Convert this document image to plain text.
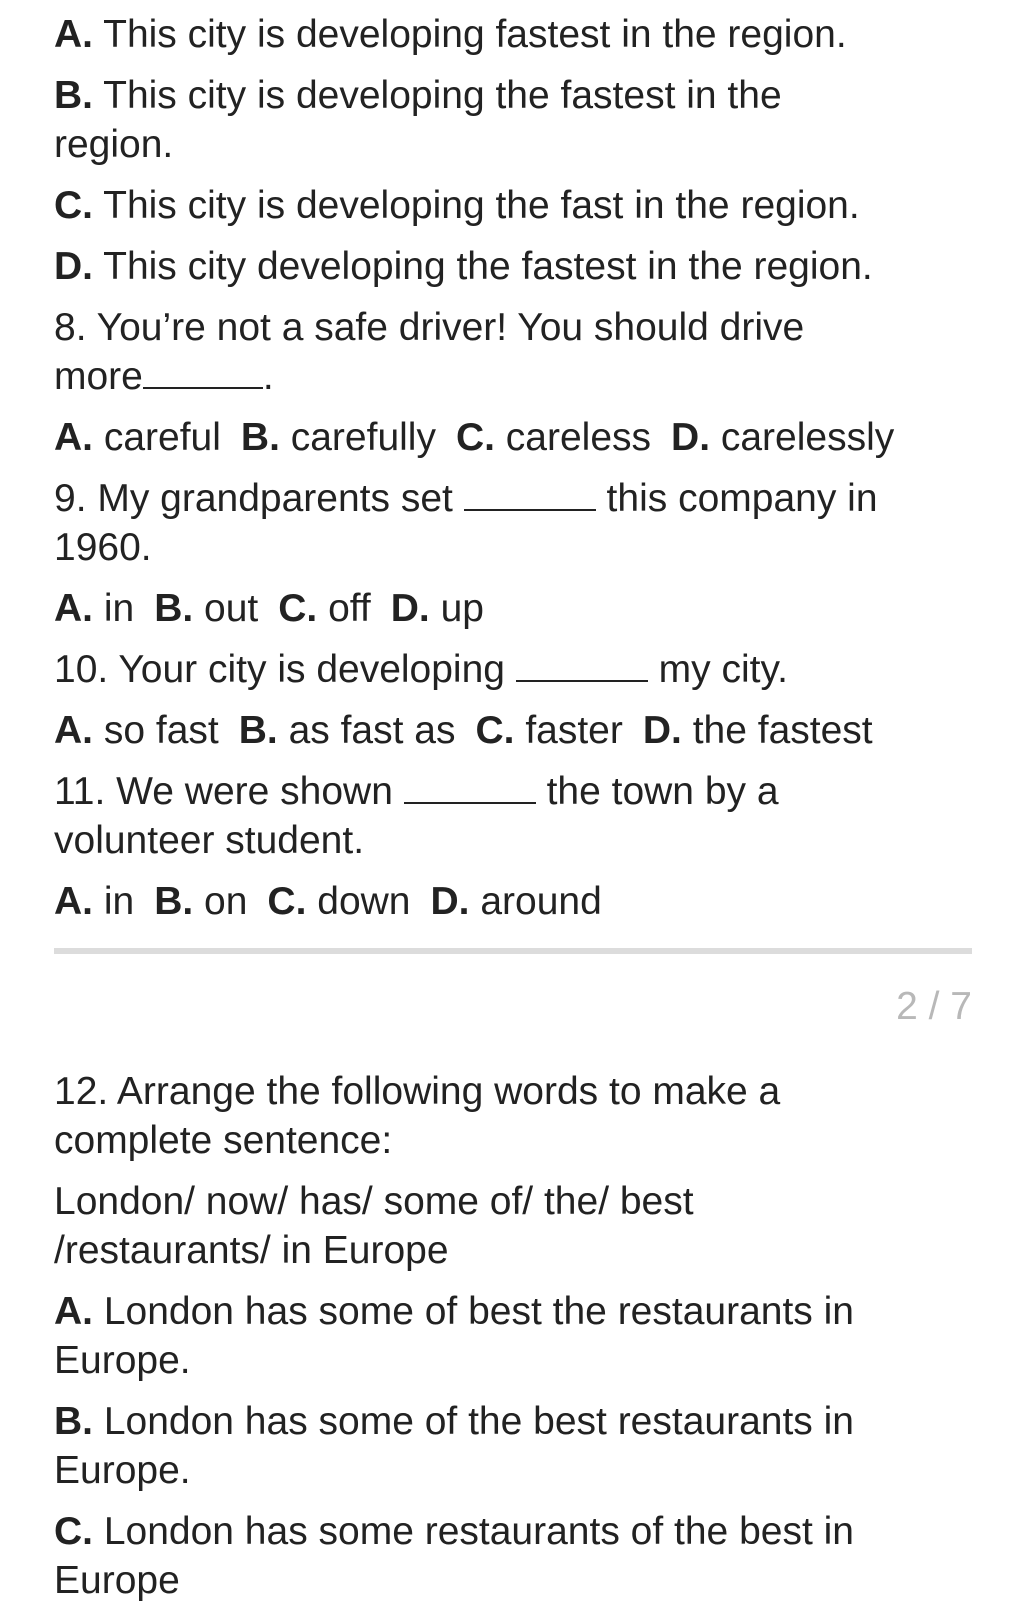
A. This city is developing fastest in the region.
B. This city is developing the fastest in the
region.
C. This city is developing the fast in the region.
D. This city developing the fastest in the region.
8. You’re not a safe driver! You should drive
more	.
A. careful B. carefully C. careless D. carelessly
9. My grandparents set	this company in
1960.
A. in B. out C. off D. up
10. Your city is developing	my city.
A. so fast B. as fast as C. faster D. the fastest
11. We were shown	the town by a
volunteer student.
A. in B. on C. down D. around
2 / 7
12. Arrange the following words to make a
complete sentence:
London/ now/ has/ some of/ the/ best
/restaurants/ in Europe
A. London has some of best the restaurants in
Europe.
B. London has some of the best restaurants in
Europe.
C. London has some restaurants of the best in
Europe
